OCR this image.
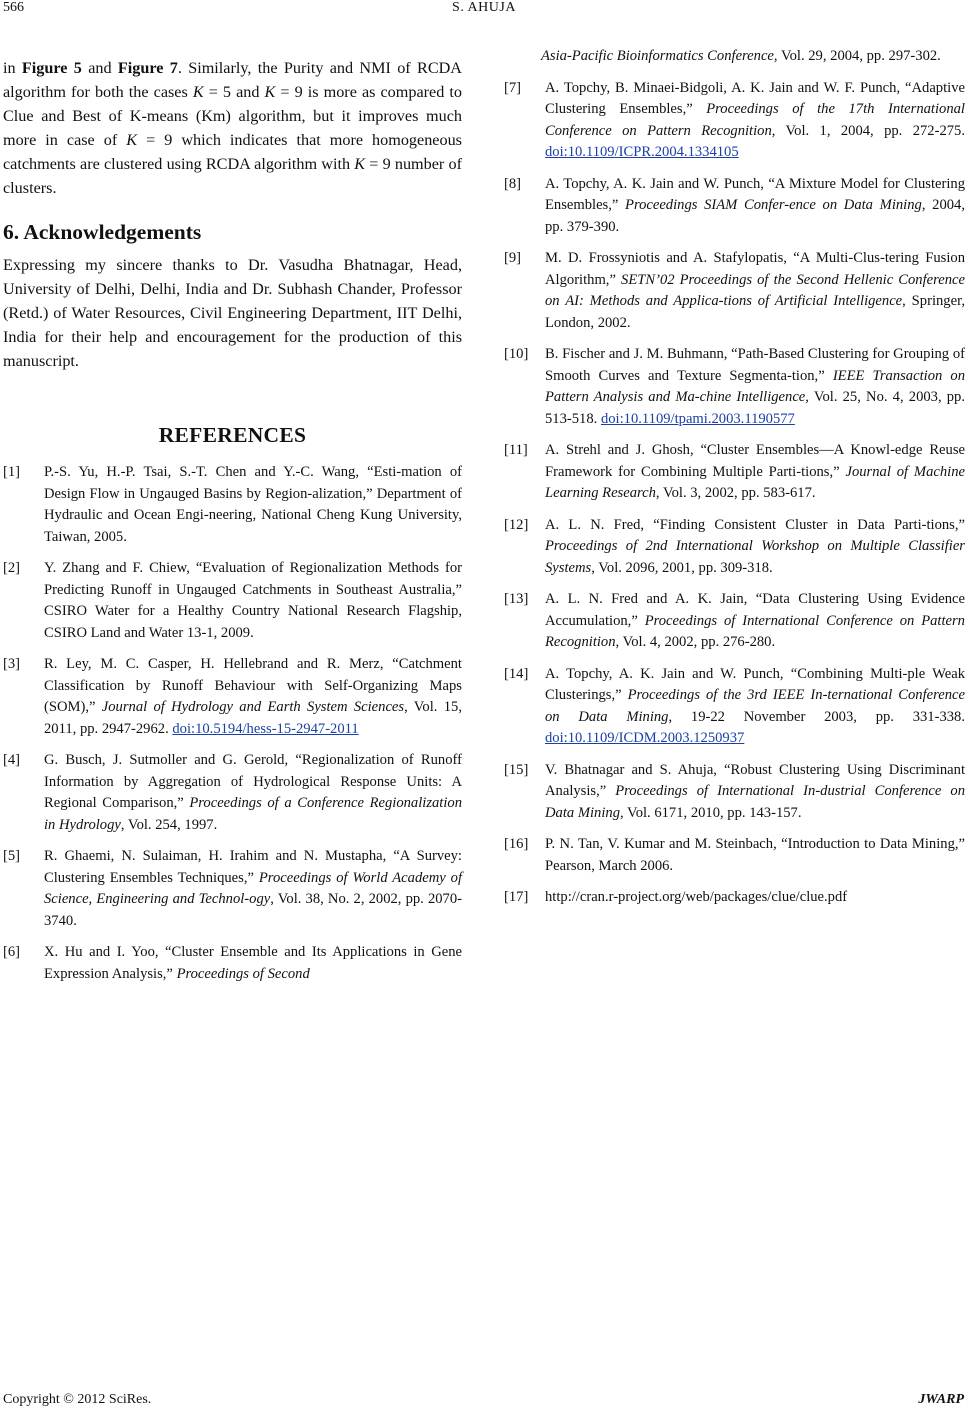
566	S. AHUJA

in Figure 5 and Figure 7. Similarly, the Purity and NMI of RCDA algorithm for both the cases K = 5 and K = 9 is more as compared to Clue and Best of K-means (Km) algorithm, but it improves much more in case of K = 9 which indicates that more homogeneous catchments are clustered using RCDA algorithm with K = 9 number of clusters.

6. Acknowledgements

Expressing my sincere thanks to Dr. Vasudha Bhatnagar, Head, University of Delhi, Delhi, India and Dr. Subhash Chander, Professor (Retd.) of Water Resources, Civil Engineering Department, IIT Delhi, India for their help and encouragement for the production of this manuscript.

REFERENCES
[1] P.-S. Yu, H.-P. Tsai, S.-T. Chen and Y.-C. Wang, “Esti-mation of Design Flow in Ungauged Basins by Region-alization,” Department of Hydraulic and Ocean Engi-neering, National Cheng Kung University, Taiwan, 2005.
[2] Y. Zhang and F. Chiew, “Evaluation of Regionalization Methods for Predicting Runoff in Ungauged Catchments in Southeast Australia,” CSIRO Water for a Healthy Country National Research Flagship, CSIRO Land and Water 13-1, 2009.
[3] R. Ley, M. C. Casper, H. Hellebrand and R. Merz, “Catchment Classification by Runoff Behaviour with Self-Organizing Maps (SOM),” Journal of Hydrology and Earth System Sciences, Vol. 15, 2011, pp. 2947-2962. doi:10.5194/hess-15-2947-2011
[4] G. Busch, J. Sutmoller and G. Gerold, “Regionalization of Runoff Information by Aggregation of Hydrological Response Units: A Regional Comparison,” Proceedings of a Conference Regionalization in Hydrology, Vol. 254, 1997.
[5] R. Ghaemi, N. Sulaiman, H. Irahim and N. Mustapha, “A Survey: Clustering Ensembles Techniques,” Proceedings of World Academy of Science, Engineering and Technol-ogy, Vol. 38, No. 2, 2002, pp. 2070-3740.
[6] X. Hu and I. Yoo, “Cluster Ensemble and Its Applications in Gene Expression Analysis,” Proceedings of Second
Asia-Pacific Bioinformatics Conference, Vol. 29, 2004, pp. 297-302.
[7] A. Topchy, B. Minaei-Bidgoli, A. K. Jain and W. F. Punch, “Adaptive Clustering Ensembles,” Proceedings of the 17th International Conference on Pattern Recognition, Vol. 1, 2004, pp. 272-275. doi:10.1109/ICPR.2004.1334105
[8] A. Topchy, A. K. Jain and W. Punch, “A Mixture Model for Clustering Ensembles,” Proceedings SIAM Confer-ence on Data Mining, 2004, pp. 379-390.
[9] M. D. Frossyniotis and A. Stafylopatis, “A Multi-Clus-tering Fusion Algorithm,” SETN’02 Proceedings of the Second Hellenic Conference on AI: Methods and Applica-tions of Artificial Intelligence, Springer, London, 2002.
[10] B. Fischer and J. M. Buhmann, “Path-Based Clustering for Grouping of Smooth Curves and Texture Segmenta-tion,” IEEE Transaction on Pattern Analysis and Ma-chine Intelligence, Vol. 25, No. 4, 2003, pp. 513-518. doi:10.1109/tpami.2003.1190577
[11] A. Strehl and J. Ghosh, “Cluster Ensembles—A Knowl-edge Reuse Framework for Combining Multiple Parti-tions,” Journal of Machine Learning Research, Vol. 3, 2002, pp. 583-617.
[12] A. L. N. Fred, “Finding Consistent Cluster in Data Parti-tions,” Proceedings of 2nd International Workshop on Multiple Classifier Systems, Vol. 2096, 2001, pp. 309-318.
[13] A. L. N. Fred and A. K. Jain, “Data Clustering Using Evidence Accumulation,” Proceedings of International Conference on Pattern Recognition, Vol. 4, 2002, pp. 276-280.
[14] A. Topchy, A. K. Jain and W. Punch, “Combining Multi-ple Weak Clusterings,” Proceedings of the 3rd IEEE In-ternational Conference on Data Mining, 19-22 November 2003, pp. 331-338. doi:10.1109/ICDM.2003.1250937
[15] V. Bhatnagar and S. Ahuja, “Robust Clustering Using Discriminant Analysis,” Proceedings of International In-dustrial Conference on Data Mining, Vol. 6171, 2010, pp. 143-157.
[16] P. N. Tan, V. Kumar and M. Steinbach, “Introduction to Data Mining,” Pearson, March 2006.
[17] http://cran.r-project.org/web/packages/clue/clue.pdf
Copyright © 2012 SciRes.	JWARP
